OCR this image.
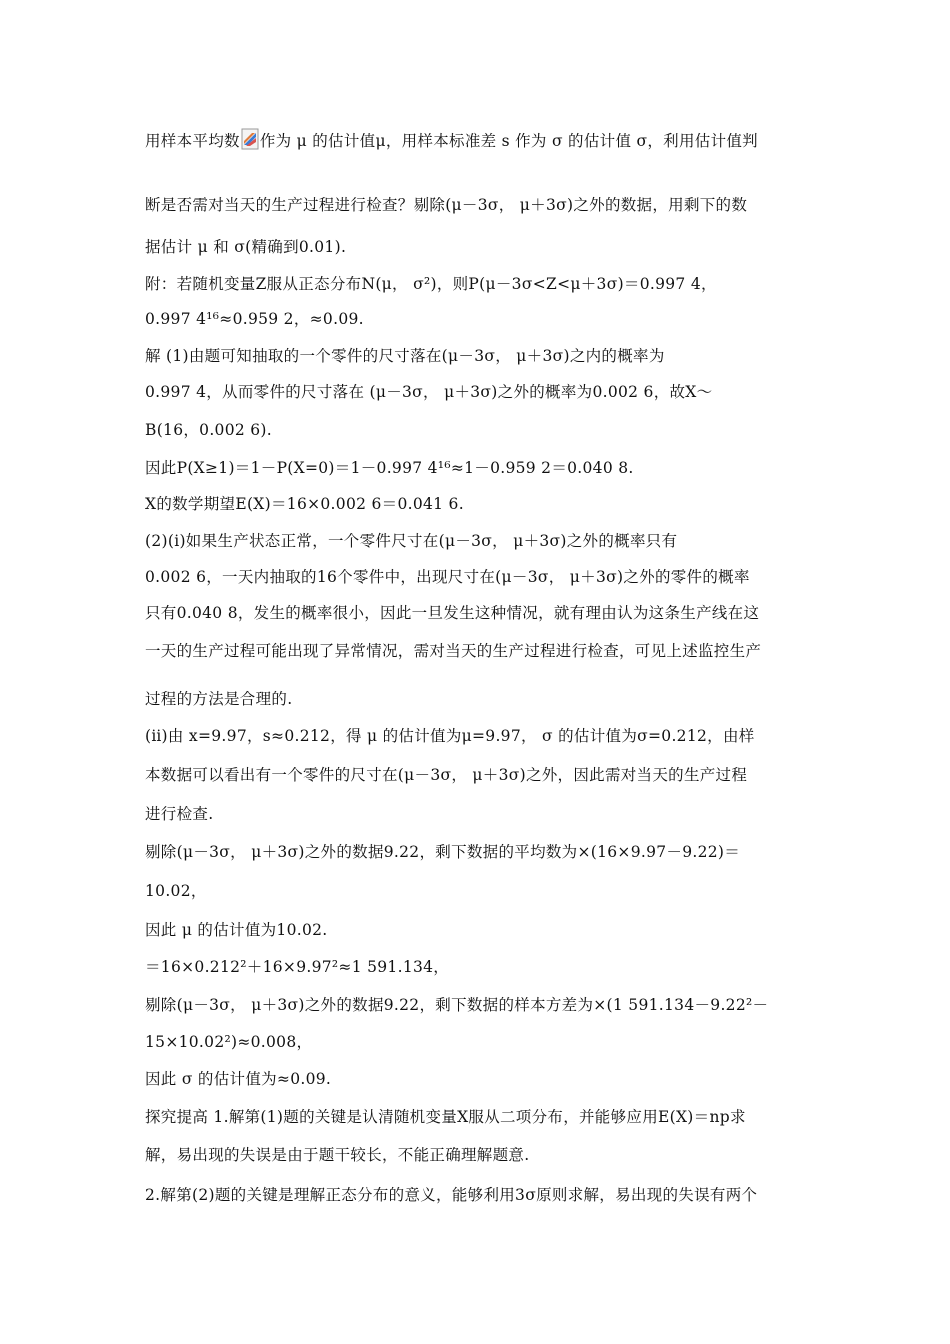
用样本平均数 作为 μ 的估计值μ，用样本标准差 s 作为 σ 的估计值 σ，利用估计值判
断是否需对当天的生产过程进行检查？剔除(μ－3σ， μ＋3σ)之外的数据，用剩下的数
据估计 μ 和 σ(精确到0.01).
附：若随机变量Z服从正态分布N(μ， σ²)，则P(μ－3σ<Z<μ＋3σ)＝0.997 4，
0.997 4¹⁶≈0.959 2，≈0.09.
解 (1)由题可知抽取的一个零件的尺寸落在(μ－3σ， μ＋3σ)之内的概率为
0.997 4，从而零件的尺寸落在 (μ－3σ， μ＋3σ)之外的概率为0.002 6，故X～
B(16，0.002 6).
因此P(X≥1)＝1－P(X=0)＝1－0.997 4¹⁶≈1－0.959 2＝0.040 8.
X的数学期望E(X)＝16×0.002 6＝0.041 6.
(2)(ⅰ)如果生产状态正常，一个零件尺寸在(μ－3σ， μ＋3σ)之外的概率只有
0.002 6，一天内抽取的16个零件中，出现尺寸在(μ－3σ， μ＋3σ)之外的零件的概率
只有0.040 8，发生的概率很小，因此一旦发生这种情况，就有理由认为这条生产线在这
一天的生产过程可能出现了异常情况，需对当天的生产过程进行检查，可见上述监控生产
过程的方法是合理的.
(ⅱ)由 x=9.97，s≈0.212，得 μ 的估计值为μ=9.97， σ 的估计值为σ=0.212，由样
本数据可以看出有一个零件的尺寸在(μ－3σ， μ＋3σ)之外，因此需对当天的生产过程
进行检查.
剔除(μ－3σ， μ＋3σ)之外的数据9.22，剩下数据的平均数为×(16×9.97－9.22)＝
10.02，
因此 μ 的估计值为10.02.
＝16×0.212²＋16×9.97²≈1 591.134，
剔除(μ－3σ， μ＋3σ)之外的数据9.22，剩下数据的样本方差为×(1 591.134－9.22²－
15×10.02²)≈0.008，
因此 σ 的估计值为≈0.09.
探究提高 1.解第(1)题的关键是认清随机变量X服从二项分布，并能够应用E(X)＝np求
解，易出现的失误是由于题干较长，不能正确理解题意.
2.解第(2)题的关键是理解正态分布的意义，能够利用3σ原则求解，易出现的失误有两个
